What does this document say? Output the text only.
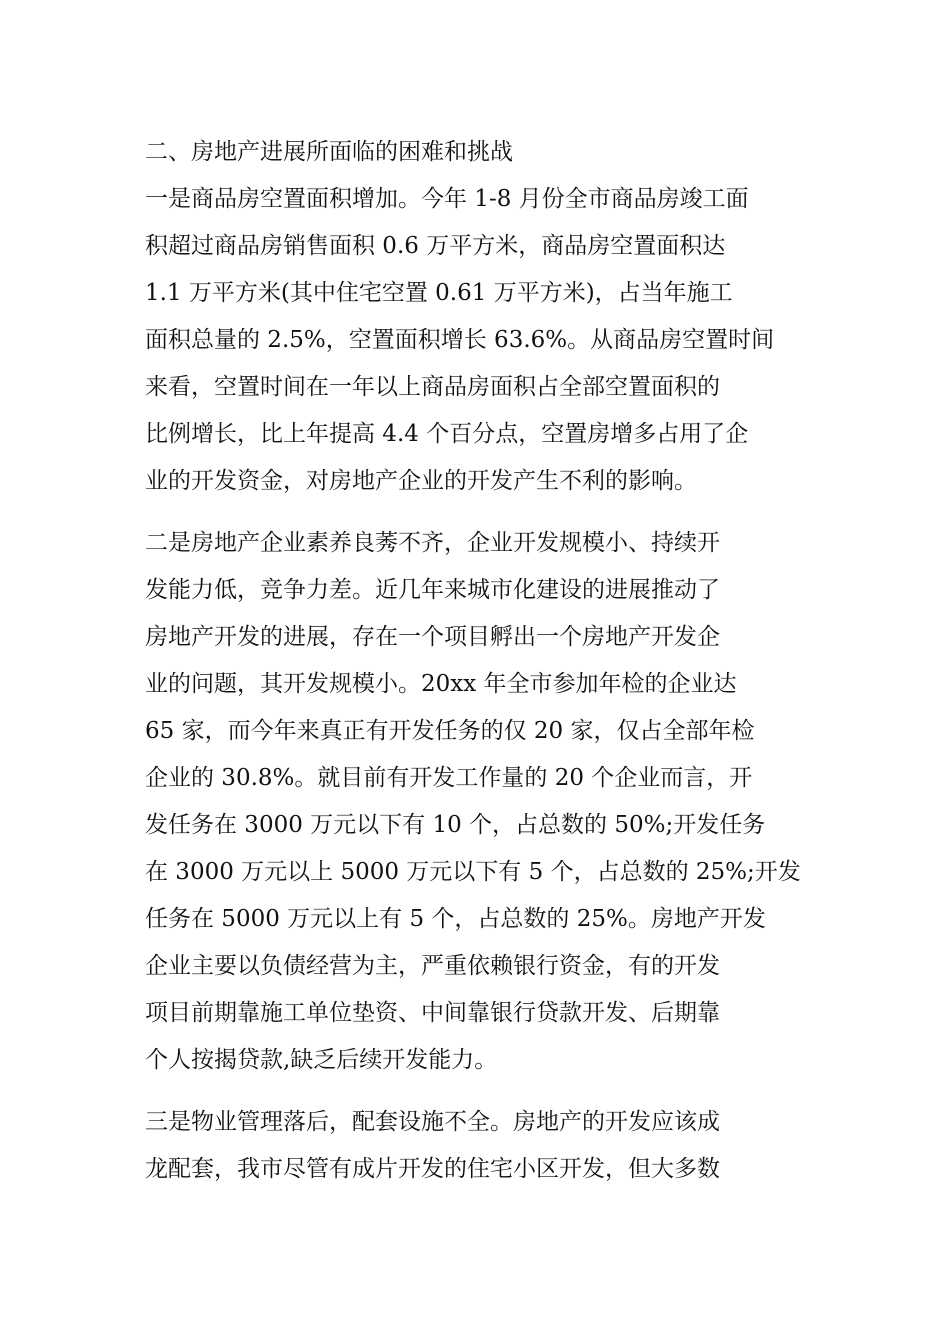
二、房地产进展所面临的困难和挑战

一是商品房空置面积增加。今年 1-8 月份全市商品房竣工面

积超过商品房销售面积 0.6 万平方米，商品房空置面积达

1.1 万平方米(其中住宅空置 0.61 万平方米)，占当年施工

面积总量的 2.5%，空置面积增长 63.6%。从商品房空置时间

来看，空置时间在一年以上商品房面积占全部空置面积的

比例增长，比上年提高 4.4 个百分点，空置房增多占用了企

业的开发资金，对房地产企业的开发产生不利的影响。

二是房地产企业素养良莠不齐，企业开发规模小、持续开

发能力低，竞争力差。近几年来城市化建设的进展推动了

房地产开发的进展，存在一个项目孵出一个房地产开发企

业的问题，其开发规模小。20xx 年全市参加年检的企业达

65 家，而今年来真正有开发任务的仅 20 家，仅占全部年检

企业的 30.8%。就目前有开发工作量的 20 个企业而言，开

发任务在 3000 万元以下有 10 个，占总数的 50%;开发任务

在 3000 万元以上 5000 万元以下有 5 个，占总数的 25%;开发

任务在 5000 万元以上有 5 个，占总数的 25%。房地产开发

企业主要以负债经营为主，严重依赖银行资金，有的开发

项目前期靠施工单位垫资、中间靠银行贷款开发、后期靠

个人按揭贷款,缺乏后续开发能力。

三是物业管理落后，配套设施不全。房地产的开发应该成

龙配套，我市尽管有成片开发的住宅小区开发，但大多数
